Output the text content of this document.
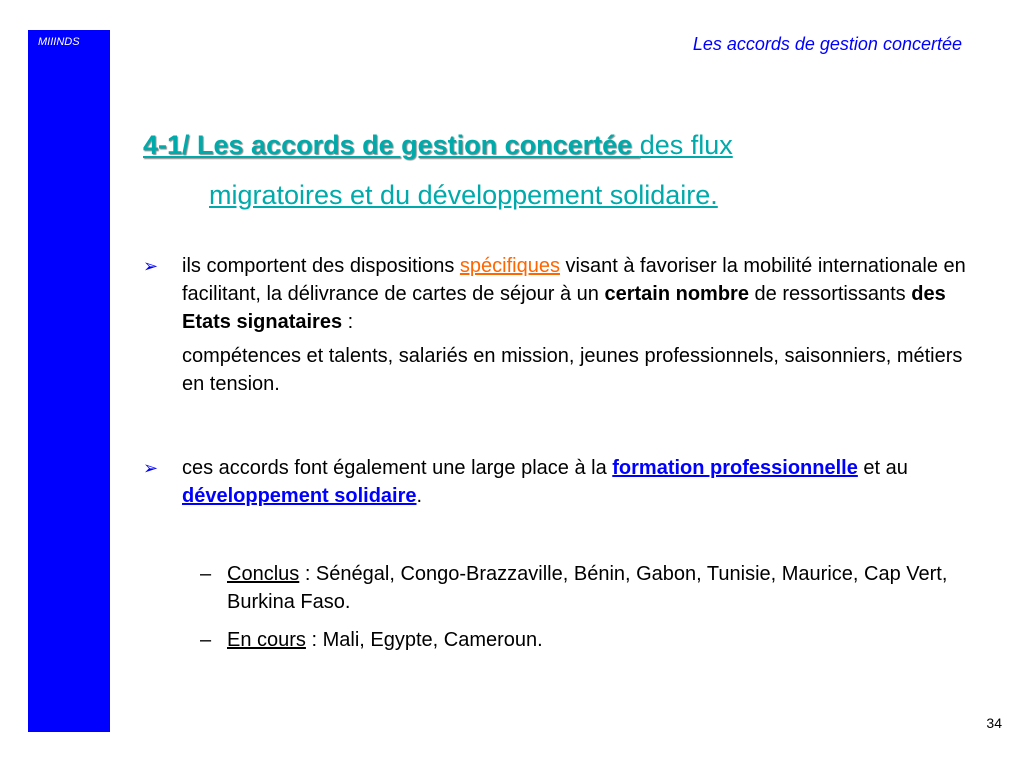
MIIINDS	Les accords de gestion concertée
4-1/ Les accords de gestion concertée des flux
migratoires et du développement solidaire.
➢ ils comportent des dispositions spécifiques visant à favoriser la mobilité internationale en facilitant, la délivrance de cartes de séjour à un certain nombre de ressortissants des Etats signataires :
compétences et talents, salariés en mission, jeunes professionnels, saisonniers, métiers en tension.
➢ ces accords font également une large place à la formation professionnelle et au développement solidaire.
– Conclus : Sénégal, Congo-Brazzaville, Bénin, Gabon, Tunisie, Maurice, Cap Vert, Burkina Faso.
– En cours : Mali, Egypte, Cameroun.
34
